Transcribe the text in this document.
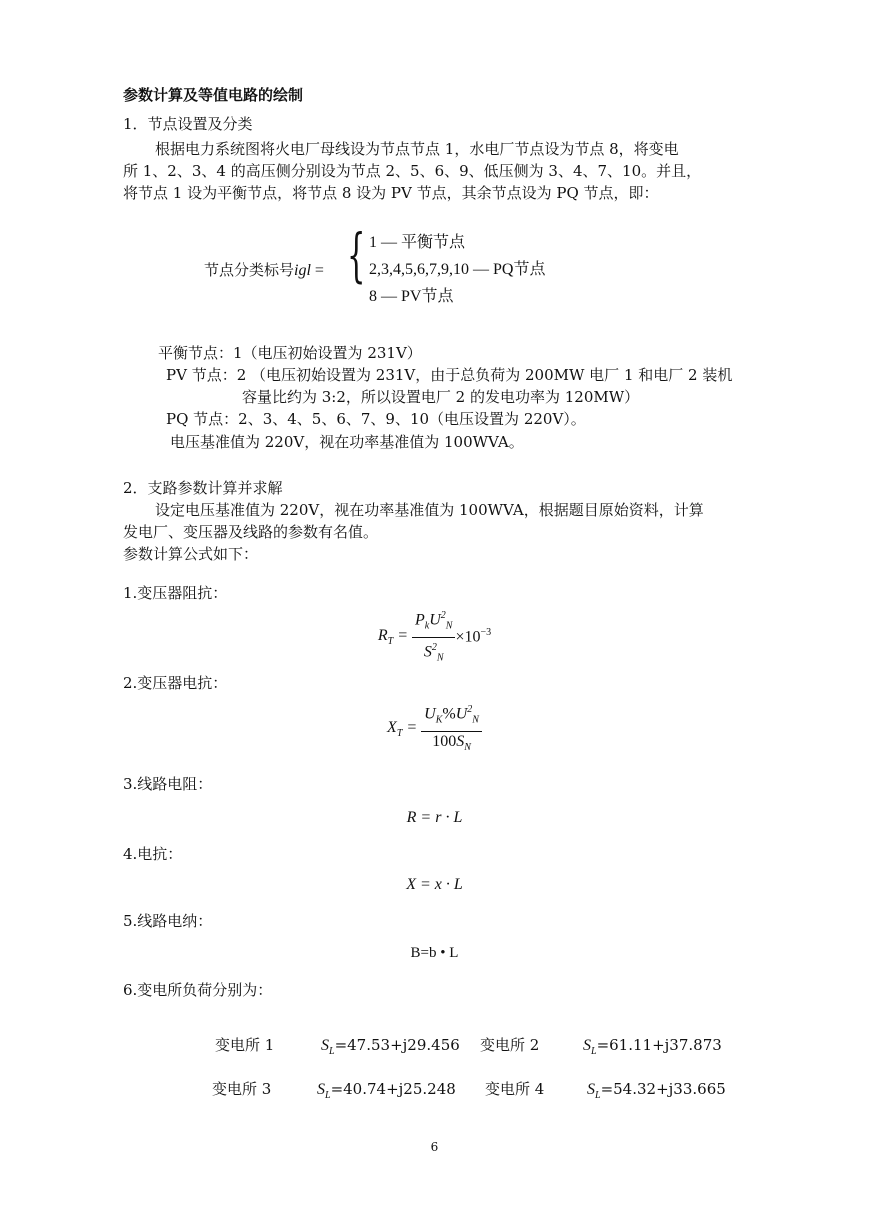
参数计算及等值电路的绘制
1．节点设置及分类
根据电力系统图将火电厂母线设为节点节点 1，水电厂节点设为节点 8，将变电
所 1、2、3、4 的高压侧分别设为节点 2、5、6、9、低压侧为 3、4、7、10。并且，
将节点 1 设为平衡节点，将节点 8 设为 PV 节点，其余节点设为 PQ 节点，即：
节点分类标号igl = { 1 — 平衡节点
2,3,4,5,6,7,9,10 — PQ节点
8 — PV节点
平衡节点：1（电压初始设置为 231V）
PV 节点：2 （电压初始设置为 231V，由于总负荷为 200MW 电厂 1 和电厂 2 装机
容量比约为 3:2，所以设置电厂 2 的发电功率为 120MW）
PQ 节点：2、3、4、5、6、7、9、10（电压设置为 220V）。
电压基准值为 220V，视在功率基准值为 100WVA。
2．支路参数计算并求解
设定电压基准值为 220V，视在功率基准值为 100WVA，根据题目原始资料，计算
发电厂、变压器及线路的参数有名值。
参数计算公式如下：
1.变压器阻抗：
$R_T = \frac{P_kU^2_N}{S^2_N} \times 10^{-3}$
2.变压器电抗：
$X_T = \frac{U_K\%U^2_N}{100S_N}$
3.线路电阻：
R = r · L
4.电抗：
X = x · L
5.线路电纳：
B=b • L
6.变电所负荷分别为：
变电所 1	$S_L=47.53+j29.456$ 变电所 2	$S_L=61.11+j37.873$
变电所 3	$S_L=40.74+j25.248$ 变电所 4	$S_L=54.32+j33.665$
6
